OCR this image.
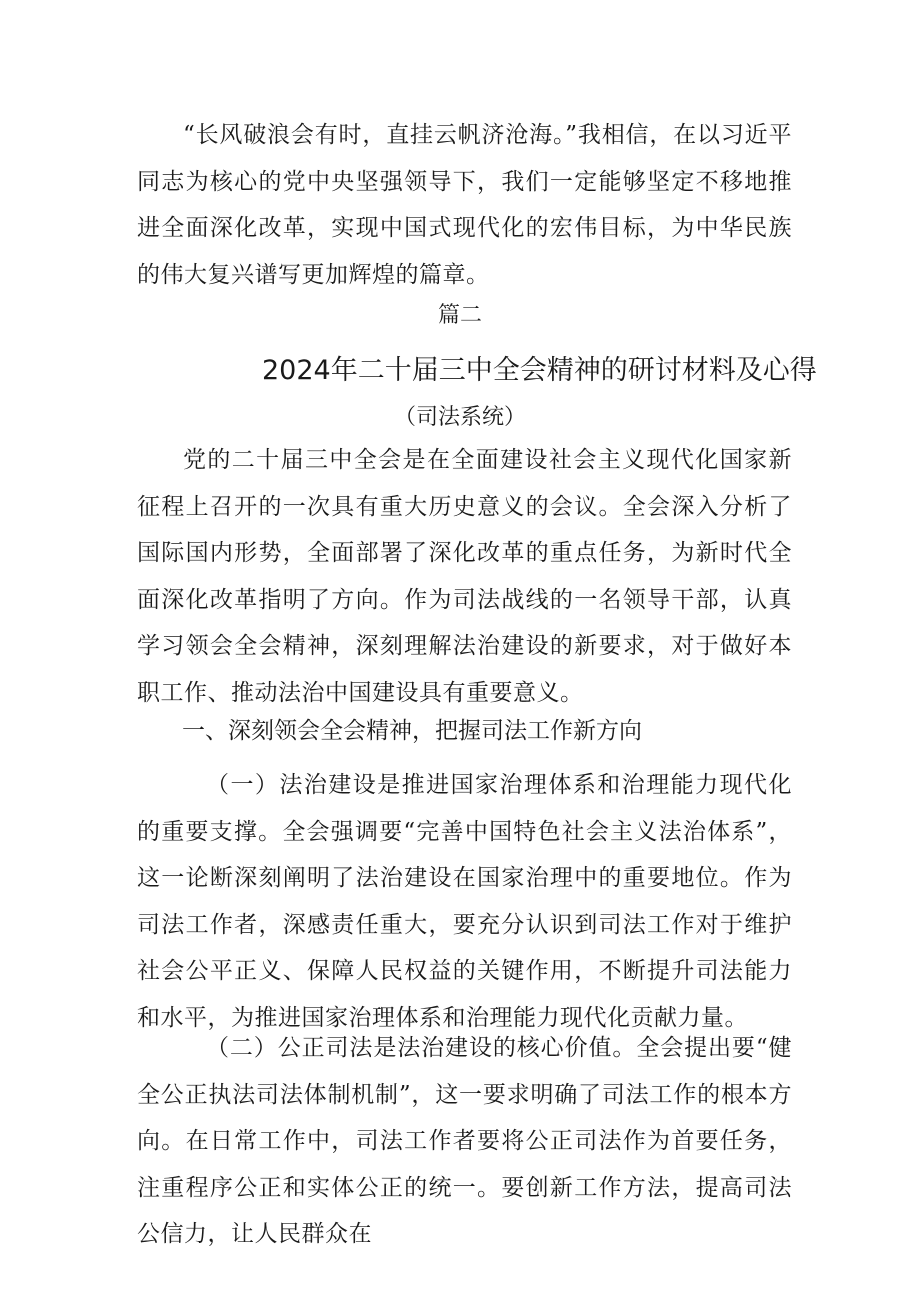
“长风破浪会有时，直挂云帆济沧海。”我相信，在以习近平同志为核心的党中央坚强领导下，我们一定能够坚定不移地推进全面深化改革，实现中国式现代化的宏伟目标，为中华民族的伟大复兴谱写更加辉煌的篇章。

篇二

2024年二十届三中全会精神的研讨材料及心得

（司法系统）

党的二十届三中全会是在全面建设社会主义现代化国家新征程上召开的一次具有重大历史意义的会议。全会深入分析了国际国内形势，全面部署了深化改革的重点任务，为新时代全面深化改革指明了方向。作为司法战线的一名领导干部，认真学习领会全会精神，深刻理解法治建设的新要求，对于做好本职工作、推动法治中国建设具有重要意义。

一、深刻领会全会精神，把握司法工作新方向

（一）法治建设是推进国家治理体系和治理能力现代化的重要支撑。全会强调要“完善中国特色社会主义法治体系”，这一论断深刻阐明了法治建设在国家治理中的重要地位。作为司法工作者，深感责任重大，要充分认识到司法工作对于维护社会公平正义、保障人民权益的关键作用，不断提升司法能力和水平，为推进国家治理体系和治理能力现代化贡献力量。

（二）公正司法是法治建设的核心价值。全会提出要“健全公正执法司法体制机制”，这一要求明确了司法工作的根本方向。在日常工作中，司法工作者要将公正司法作为首要任务，注重程序公正和实体公正的统一。要创新工作方法，提高司法公信力，让人民群众在
